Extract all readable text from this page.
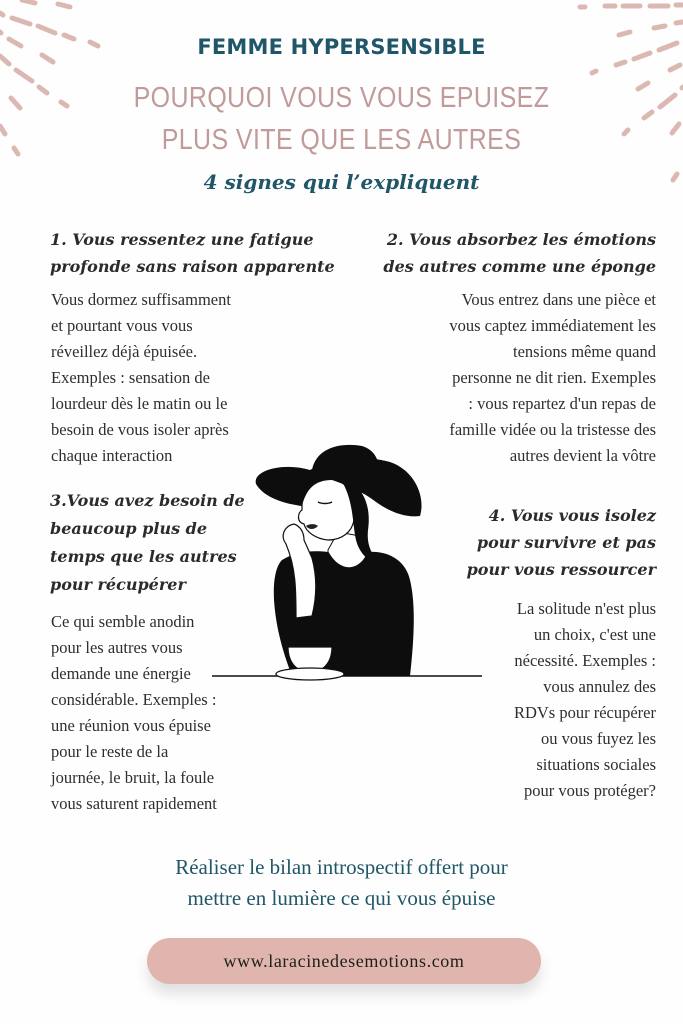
FEMME HYPERSENSIBLE
POURQUOI VOUS VOUS EPUISEZ
PLUS VITE QUE LES AUTRES
4 signes qui l’expliquent
1. Vous ressentez une fatigue
profonde sans raison apparente
Vous dormez suffisamment
et pourtant vous vous
réveillez déjà épuisée.
Exemples : sensation de
lourdeur dès le matin ou le
besoin de vous isoler après
chaque interaction
2. Vous absorbez les émotions
des autres comme une éponge
Vous entrez dans une pièce et
vous captez immédiatement les
tensions même quand
personne ne dit rien. Exemples
: vous repartez d'un repas de
famille vidée ou la tristesse des
autres devient la vôtre
3.Vous avez besoin de
beaucoup plus de
temps que les autres
pour récupérer
Ce qui semble anodin
pour les autres vous
demande une énergie
considérable. Exemples :
une réunion vous épuise
pour le reste de la
journée, le bruit, la foule
vous saturent rapidement
4. Vous vous isolez
pour survivre et pas
pour vous ressourcer
La solitude n'est plus
un choix, c'est une
nécessité. Exemples :
vous annulez des
RDVs pour récupérer
ou vous fuyez les
situations sociales
pour vous protéger?
Réaliser le bilan introspectif offert pour
mettre en lumière ce qui vous épuise
www.laracinedesemotions.com
